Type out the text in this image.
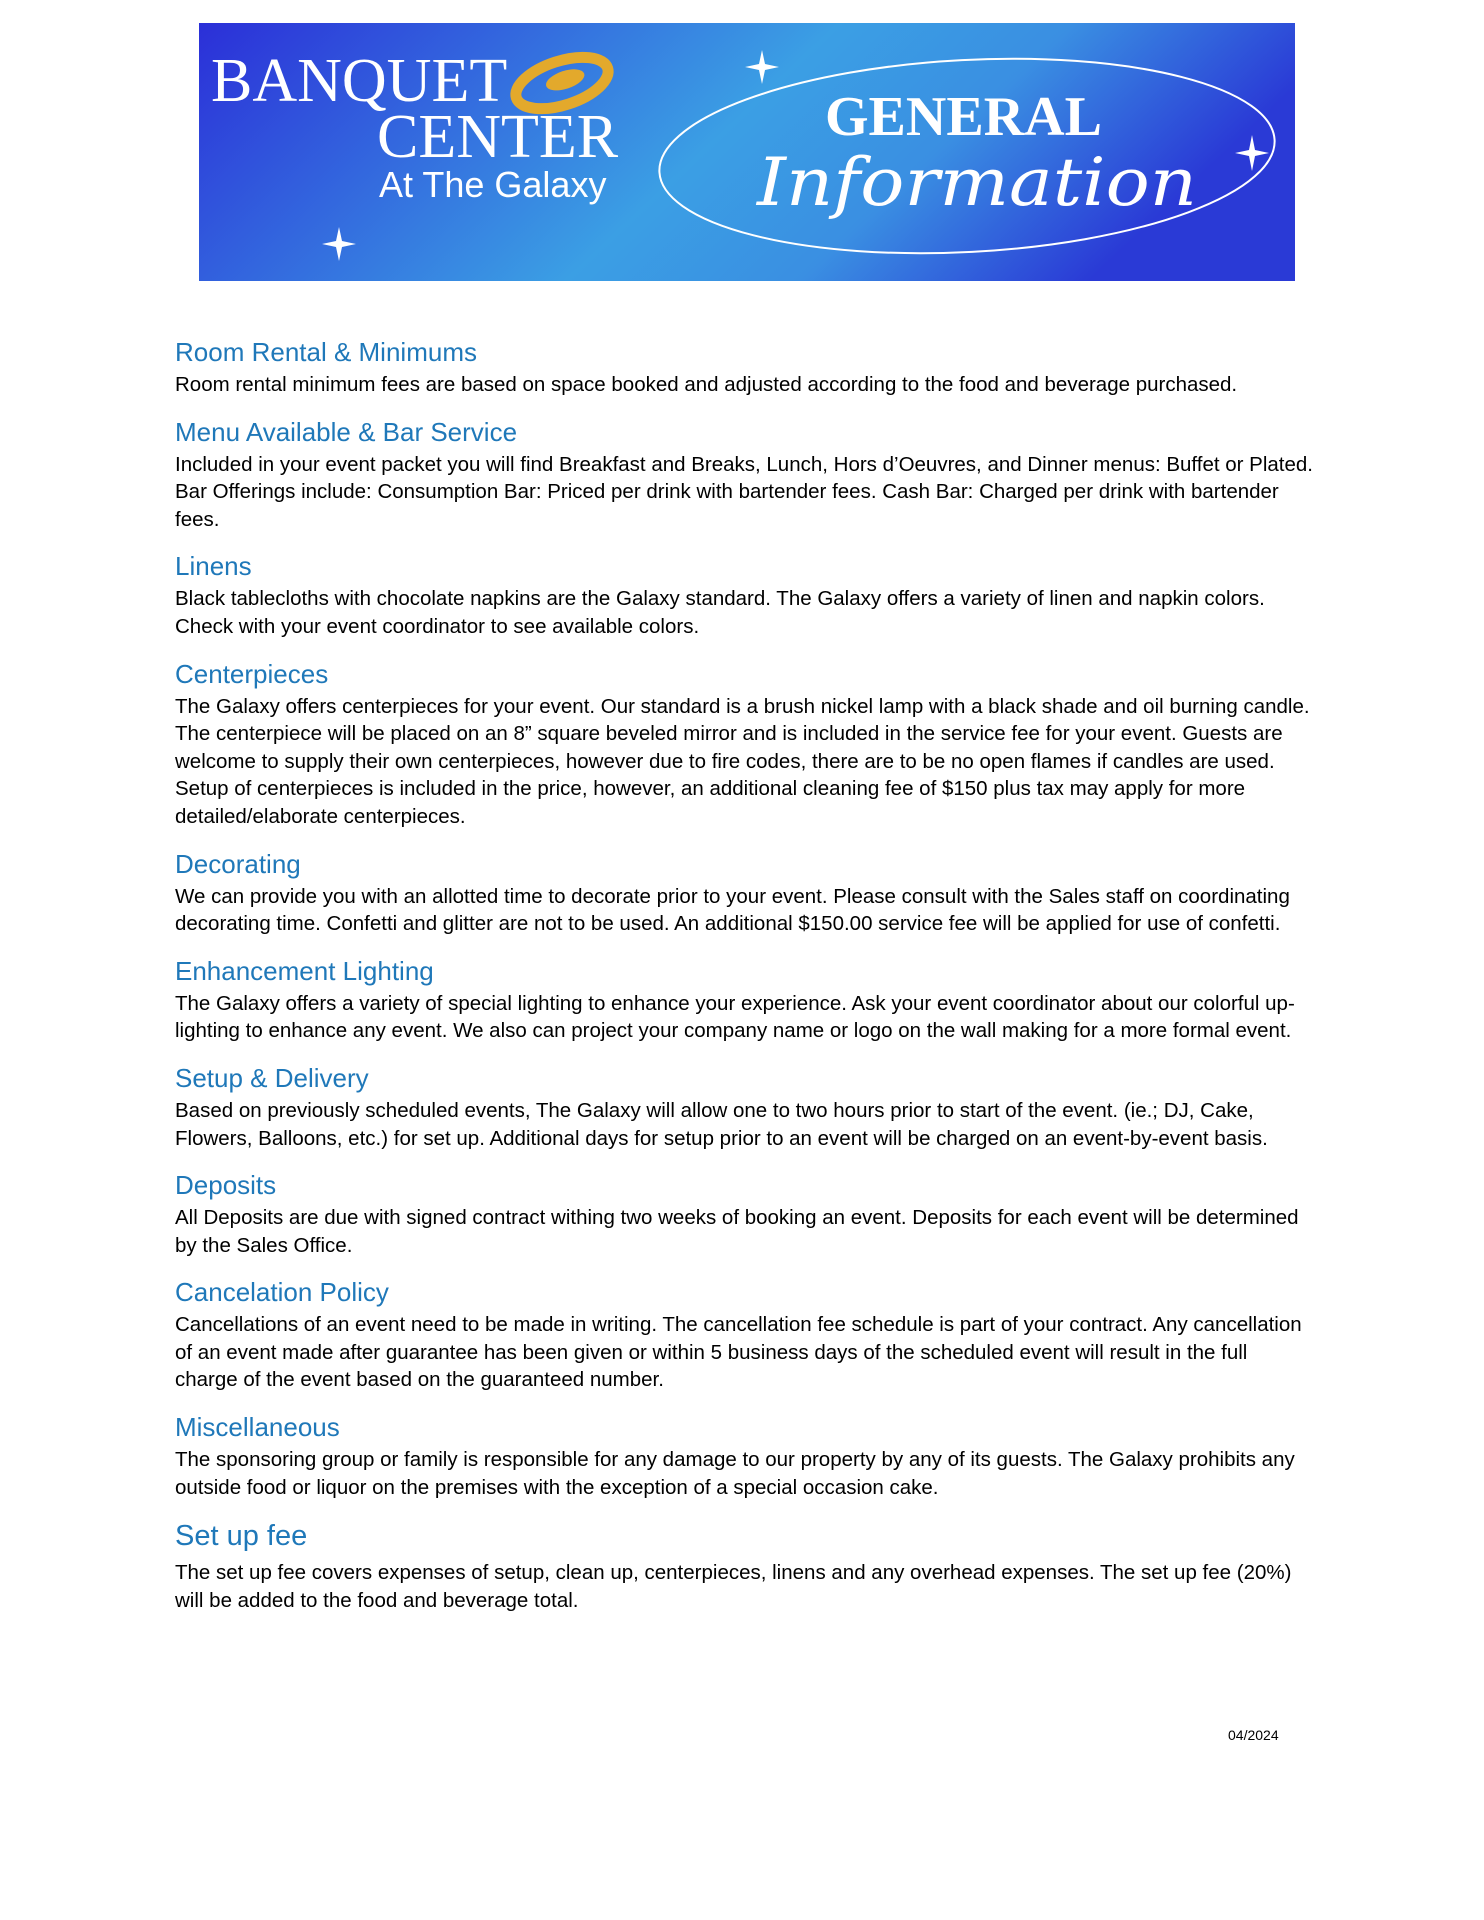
BANQUET
CENTER
At The Galaxy
GENERAL
Information
Room Rental & Minimums

Room rental minimum fees are based on space booked and adjusted according to the food and beverage purchased.

Menu Available & Bar Service

Included in your event packet you will find Breakfast and Breaks, Lunch, Hors d’Oeuvres, and Dinner menus: Buffet or Plated. Bar Offerings include: Consumption Bar: Priced per drink with bartender fees. Cash Bar: Charged per drink with bartender fees.

Linens

Black tablecloths with chocolate napkins are the Galaxy standard. The Galaxy offers a variety of linen and napkin colors. Check with your event coordinator to see available colors.

Centerpieces

The Galaxy offers centerpieces for your event. Our standard is a brush nickel lamp with a black shade and oil burning candle. The centerpiece will be placed on an 8” square beveled mirror and is included in the service fee for your event. Guests are welcome to supply their own centerpieces, however due to fire codes, there are to be no open flames if candles are used. Setup of centerpieces is included in the price, however, an additional cleaning fee of $150 plus tax may apply for more detailed/elaborate centerpieces.

Decorating

We can provide you with an allotted time to decorate prior to your event. Please consult with the Sales staff on coordinating decorating time. Confetti and glitter are not to be used. An additional $150.00 service fee will be applied for use of confetti.

Enhancement Lighting

The Galaxy offers a variety of special lighting to enhance your experience. Ask your event coordinator about our colorful up-lighting to enhance any event. We also can project your company name or logo on the wall making for a more formal event.

Setup & Delivery

Based on previously scheduled events, The Galaxy will allow one to two hours prior to start of the event. (ie.; DJ, Cake, Flowers, Balloons, etc.) for set up. Additional days for setup prior to an event will be charged on an event-by-event basis.

Deposits

All Deposits are due with signed contract withing two weeks of booking an event. Deposits for each event will be determined by the Sales Office.

Cancelation Policy

Cancellations of an event need to be made in writing. The cancellation fee schedule is part of your contract. Any cancellation of an event made after guarantee has been given or within 5 business days of the scheduled event will result in the full charge of the event based on the guaranteed number.

Miscellaneous

The sponsoring group or family is responsible for any damage to our property by any of its guests. The Galaxy prohibits any outside food or liquor on the premises with the exception of a special occasion cake.

Set up fee

The set up fee covers expenses of setup, clean up, centerpieces, linens and any overhead expenses. The set up fee (20%) will be added to the food and beverage total.

04/2024
